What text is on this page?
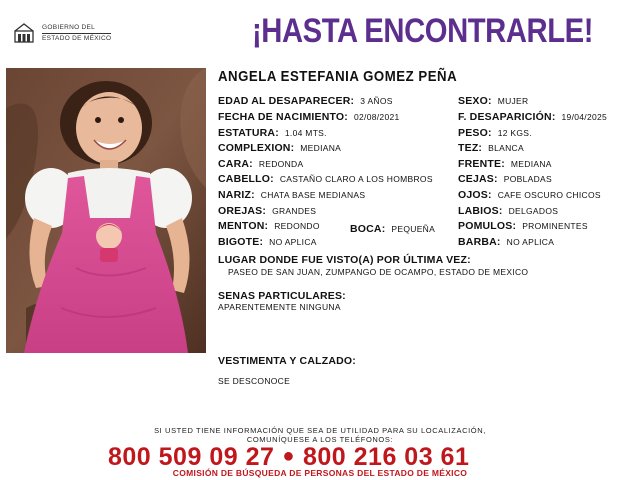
GOBIERNO DEL
ESTADO DE MÉXICO	¡HASTA ENCONTRARLE!
ANGELA ESTEFANIA GOMEZ PEÑA
EDAD AL DESAPARECER: 3 AÑOS
FECHA DE NACIMIENTO: 02/08/2021
ESTATURA: 1.04 MTS.
COMPLEXION: MEDIANA
CARA: REDONDA
CABELLO: CASTAÑO CLARO A LOS HOMBROS
NARIZ: CHATA BASE MEDIANAS
OREJAS: GRANDES
MENTON: REDONDO
BIGOTE: NO APLICA
BOCA: PEQUEÑA
SEXO: MUJER
F. DESAPARICIÓN: 19/04/2025
PESO: 12 KGS.
TEZ: BLANCA
FRENTE: MEDIANA
CEJAS: POBLADAS
OJOS: CAFE OSCURO CHICOS
LABIOS: DELGADOS
POMULOS: PROMINENTES
BARBA: NO APLICA
LUGAR DONDE FUE VISTO(A) POR ÚLTIMA VEZ:
PASEO DE SAN JUAN, ZUMPANGO DE OCAMPO, ESTADO DE MEXICO
SENAS PARTICULARES:
APARENTEMENTE NINGUNA
VESTIMENTA Y CALZADO:
SE DESCONOCE
SI USTED TIENE INFORMACIÓN QUE SEA DE UTILIDAD PARA SU LOCALIZACIÓN,
COMUNÍQUESE A LOS TELÉFONOS:
800 509 09 27 ● 800 216 03 61
COMISIÓN DE BÚSQUEDA DE PERSONAS DEL ESTADO DE MÉXICO
